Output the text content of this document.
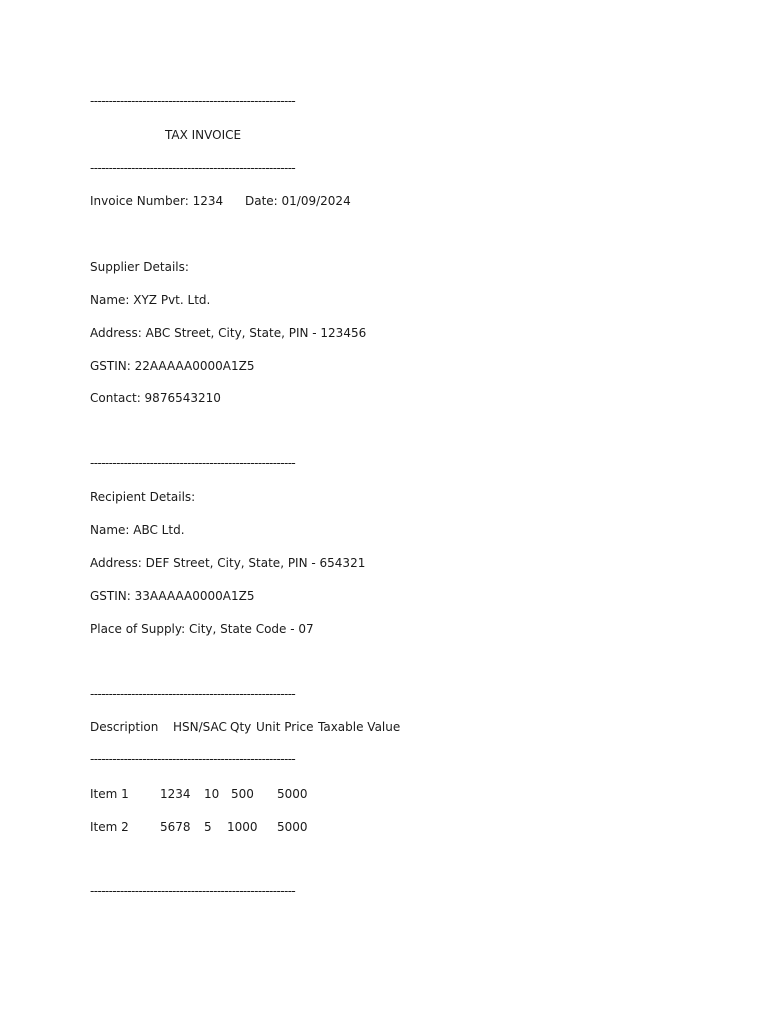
-------------------------------------------------------
TAX INVOICE
-------------------------------------------------------
Invoice Number: 1234 Date: 01/09/2024
Supplier Details:
Name: XYZ Pvt. Ltd.
Address: ABC Street, City, State, PIN - 123456
GSTIN: 22AAAAA0000A1Z5
Contact: 9876543210
-------------------------------------------------------
Recipient Details:
Name: ABC Ltd.
Address: DEF Street, City, State, PIN - 654321
GSTIN: 33AAAAA0000A1Z5
Place of Supply: City, State Code - 07
-------------------------------------------------------
Description HSN/SAC Qty Unit Price Taxable Value
-------------------------------------------------------
Item 1	1234 10 500 5000
Item 2	5678 5 1000 5000
-------------------------------------------------------
